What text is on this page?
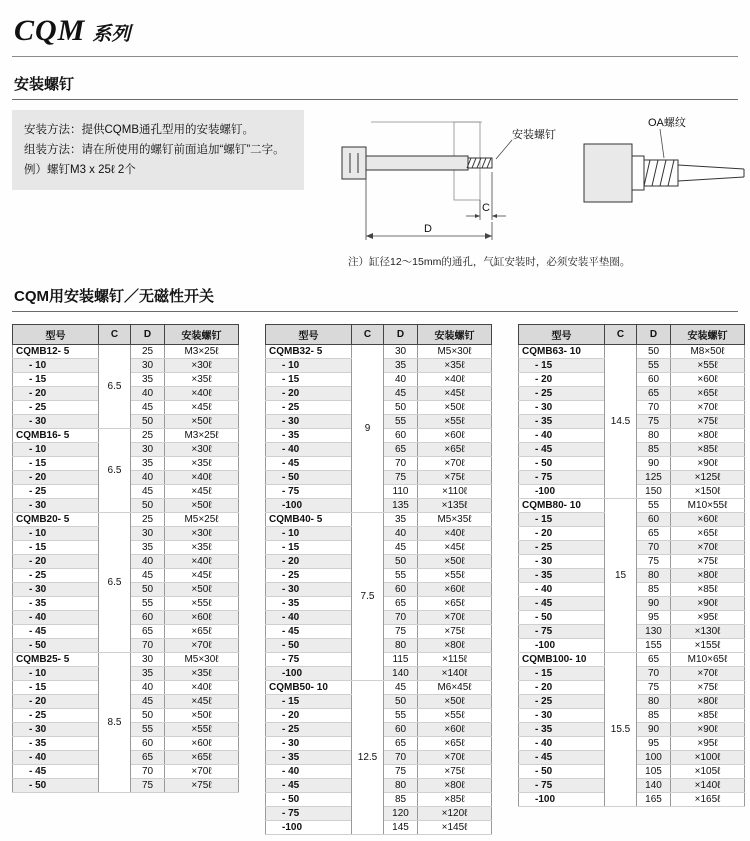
CQM 系列
安装螺钉

安装方法：提供CQMB通孔型用的安装螺钉。

组装方法：请在所使用的螺钉前面追加“螺钉”二字。

例）螺钉M3 x 25ℓ 2个

安装螺钉
C
D
OA螺纹

注）缸径12～15mm的通孔，气缸安装时，必须安装平垫圈。

CQM用安装螺钉／无磁性开关
型号	C	D	安装螺钉
CQMB12- 5	6.5	25	M3×25ℓ
- 10		30	×30ℓ
- 15		35	×35ℓ
- 20		40	×40ℓ
- 25		45	×45ℓ
- 30		50	×50ℓ
CQMB16- 5	6.5	25	M3×25ℓ
- 10		30	×30ℓ
- 15		35	×35ℓ
- 20		40	×40ℓ
- 25		45	×45ℓ
- 30		50	×50ℓ
CQMB20- 5	6.5	25	M5×25ℓ
- 10		30	×30ℓ
- 15		35	×35ℓ
- 20		40	×40ℓ
- 25		45	×45ℓ
- 30		50	×50ℓ
- 35		55	×55ℓ
- 40		60	×60ℓ
- 45		65	×65ℓ
- 50		70	×70ℓ
CQMB25- 5	8.5	30	M5×30ℓ
- 10		35	×35ℓ
- 15		40	×40ℓ
- 20		45	×45ℓ
- 25		50	×50ℓ
- 30		55	×55ℓ
- 35		60	×60ℓ
- 40		65	×65ℓ
- 45		70	×70ℓ
- 50		75	×75ℓ
型号	C	D	安装螺钉
CQMB32- 5	9	30	M5×30ℓ
- 10		35	×35ℓ
- 15		40	×40ℓ
- 20		45	×45ℓ
- 25		50	×50ℓ
- 30		55	×55ℓ
- 35		60	×60ℓ
- 40		65	×65ℓ
- 45		70	×70ℓ
- 50		75	×75ℓ
- 75		110	×110ℓ
-100		135	×135ℓ
CQMB40- 5	7.5	35	M5×35ℓ
- 10		40	×40ℓ
- 15		45	×45ℓ
- 20		50	×50ℓ
- 25		55	×55ℓ
- 30		60	×60ℓ
- 35		65	×65ℓ
- 40		70	×70ℓ
- 45		75	×75ℓ
- 50		80	×80ℓ
- 75		115	×115ℓ
-100		140	×140ℓ
CQMB50- 10	12.5	45	M6×45ℓ
- 15		50	×50ℓ
- 20		55	×55ℓ
- 25		60	×60ℓ
- 30		65	×65ℓ
- 35		70	×70ℓ
- 40		75	×75ℓ
- 45		80	×80ℓ
- 50		85	×85ℓ
- 75		120	×120ℓ
-100		145	×145ℓ
型号	C	D	安装螺钉
CQMB63- 10	14.5	50	M8×50ℓ
- 15		55	×55ℓ
- 20		60	×60ℓ
- 25		65	×65ℓ
- 30		70	×70ℓ
- 35		75	×75ℓ
- 40		80	×80ℓ
- 45		85	×85ℓ
- 50		90	×90ℓ
- 75		125	×125ℓ
-100		150	×150ℓ
CQMB80- 10	15	55	M10×55ℓ
- 15		60	×60ℓ
- 20		65	×65ℓ
- 25		70	×70ℓ
- 30		75	×75ℓ
- 35		80	×80ℓ
- 40		85	×85ℓ
- 45		90	×90ℓ
- 50		95	×95ℓ
- 75		130	×130ℓ
-100		155	×155ℓ
CQMB100- 10	15.5	65	M10×65ℓ
- 15		70	×70ℓ
- 20		75	×75ℓ
- 25		80	×80ℓ
- 30		85	×85ℓ
- 35		90	×90ℓ
- 40		95	×95ℓ
- 45		100	×100ℓ
- 50		105	×105ℓ
- 75		140	×140ℓ
-100		165	×165ℓ
